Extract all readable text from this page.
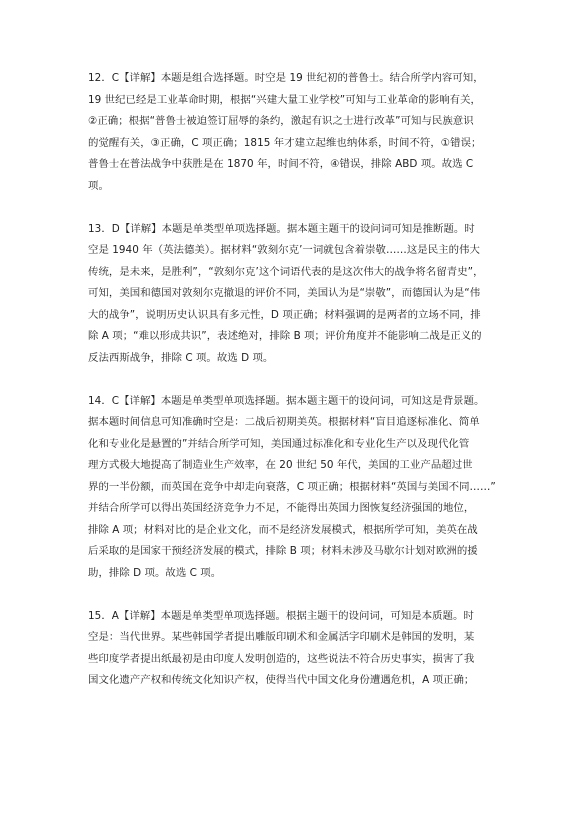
12．C【详解】本题是组合选择题。时空是 19 世纪初的普鲁士。结合所学内容可知，
19 世纪已经是工业革命时期，根据“兴建大量工业学校”可知与工业革命的影响有关，
②正确；根据“普鲁士被迫签订屈辱的条约，激起有识之士进行改革”可知与民族意识
的觉醒有关，③正确，C 项正确；1815 年才建立起维也纳体系，时间不符，①错误；
普鲁士在普法战争中获胜是在 1870 年，时间不符，④错误，排除 ABD 项。故选 C
项。

13．D【详解】本题是单类型单项选择题。据本题主题干的设问词可知是推断题。时
空是 1940 年（英法德美）。据材料“敦刻尔克’一词就包含着崇敬……这是民主的伟大
传统，是未来，是胜利”，“敦刻尔克’这个词语代表的是这次伟大的战争将名留青史”，
可知，美国和德国对敦刻尔克撤退的评价不同，美国认为是“崇敬”，而德国认为是“伟
大的战争”，说明历史认识具有多元性，D 项正确；材料强调的是两者的立场不同，排
除 A 项；“难以形成共识”，表述绝对，排除 B 项；评价角度并不能影响二战是正义的
反法西斯战争，排除 C 项。故选 D 项。

14．C【详解】本题是单类型单项选择题。据本题主题干的设问词，可知这是背景题。
据本题时间信息可知准确时空是：二战后初期美英。根据材料“盲目追逐标准化、简单
化和专业化是悬置的”并结合所学可知，美国通过标准化和专业化生产以及现代化管
理方式极大地提高了制造业生产效率，在 20 世纪 50 年代，美国的工业产品超过世
界的一半份额，而英国在竞争中却走向衰落，C 项正确；根据材料“英国与美国不同……”
并结合所学可以得出英国经济竞争力不足，不能得出英国力图恢复经济强国的地位，
排除 A 项；材料对比的是企业文化，而不是经济发展模式，根据所学可知，美英在战
后采取的是国家干预经济发展的模式，排除 B 项；材料未涉及马歇尔计划对欧洲的援
助，排除 D 项。故选 C 项。

15．A【详解】本题是单类型单项选择题。根据主题干的设问词，可知是本质题。时
空是：当代世界。某些韩国学者提出雕版印刷术和金属活字印刷术是韩国的发明，某
些印度学者提出纸最初是由印度人发明创造的，这些说法不符合历史事实，损害了我
国文化遗产产权和传统文化知识产权，使得当代中国文化身份遭遇危机，A 项正确；
